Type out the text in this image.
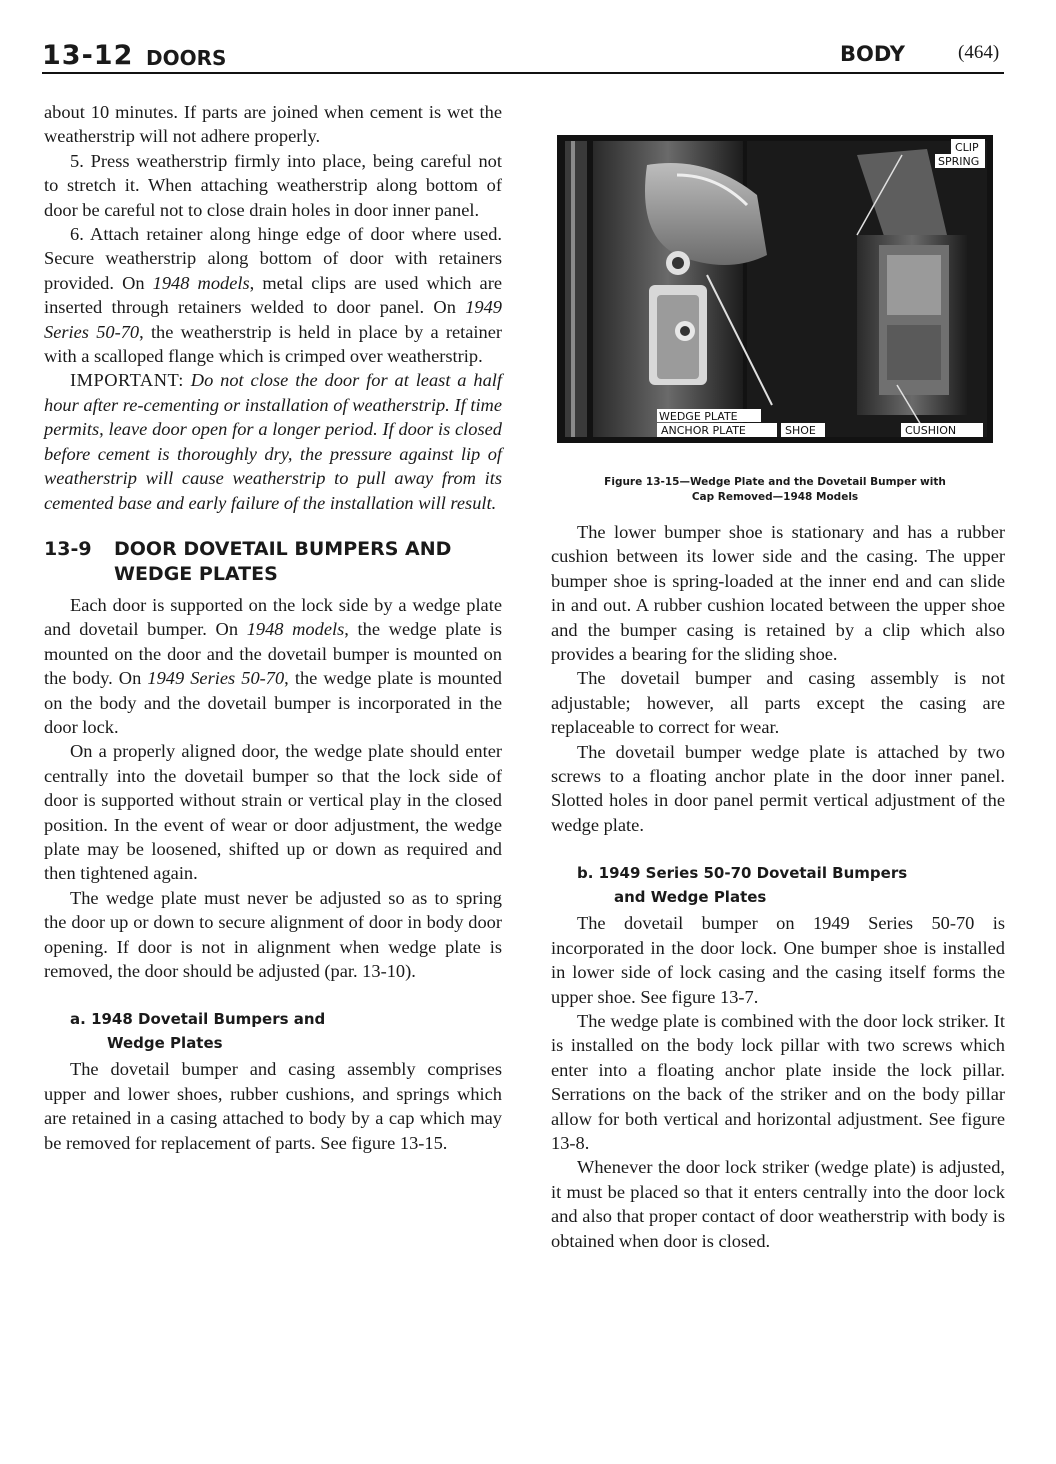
13-12 DOORS	BODY	(464)

about 10 minutes. If parts are joined when cement is wet the weatherstrip will not adhere properly.

5. Press weatherstrip firmly into place, being careful not to stretch it. When attaching weatherstrip along bottom of door be careful not to close drain holes in door inner panel.

6. Attach retainer along hinge edge of door where used. Secure weatherstrip along bottom of door with retainers provided. On 1948 models, metal clips are used which are inserted through retainers welded to door panel. On 1949 Series 50-70, the weatherstrip is held in place by a retainer with a scalloped flange which is crimped over weatherstrip.

IMPORTANT: Do not close the door for at least a half hour after re-cementing or installation of weatherstrip. If time permits, leave door open for a longer period. If door is closed before cement is thoroughly dry, the pressure against lip of weatherstrip will cause weatherstrip to pull away from its cemented base and early failure of the installation will result.

13-9 DOOR DOVETAIL BUMPERS AND
WEDGE PLATES

Each door is supported on the lock side by a wedge plate and dovetail bumper. On 1948 models, the wedge plate is mounted on the door and the dovetail bumper is mounted on the body. On 1949 Series 50-70, the wedge plate is mounted on the body and the dovetail bumper is incorporated in the door lock.

On a properly aligned door, the wedge plate should enter centrally into the dovetail bumper so that the lock side of door is supported without strain or vertical play in the closed position. In the event of wear or door adjustment, the wedge plate may be loosened, shifted up or down as required and then tightened again.

The wedge plate must never be adjusted so as to spring the door up or down to secure alignment of door in body door opening. If door is not in alignment when wedge plate is removed, the door should be adjusted (par. 13-10).

a. 1948 Dovetail Bumpers and
Wedge Plates

The dovetail bumper and casing assembly comprises upper and lower shoes, rubber cushions, and springs which are retained in a casing attached to body by a cap which may be removed for replacement of parts. See figure 13-15.

CLIP
SPRING
WEDGE PLATE
ANCHOR PLATE	SHOE	CUSHION
Figure 13-15—Wedge Plate and the Dovetail Bumper with
Cap Removed—1948 Models

The lower bumper shoe is stationary and has a rubber cushion between its lower side and the casing. The upper bumper shoe is spring-loaded at the inner end and can slide in and out. A rubber cushion located between the upper shoe and the bumper casing is retained by a clip which also provides a bearing for the sliding shoe.

The dovetail bumper and casing assembly is not adjustable; however, all parts except the casing are replaceable to correct for wear.

The dovetail bumper wedge plate is attached by two screws to a floating anchor plate in the door inner panel. Slotted holes in door panel permit vertical adjustment of the wedge plate.

b. 1949 Series 50-70 Dovetail Bumpers
and Wedge Plates

The dovetail bumper on 1949 Series 50-70 is incorporated in the door lock. One bumper shoe is installed in lower side of lock casing and the casing itself forms the upper shoe. See figure 13-7.

The wedge plate is combined with the door lock striker. It is installed on the body lock pillar with two screws which enter into a floating anchor plate inside the lock pillar. Serrations on the back of the striker and on the body pillar allow for both vertical and horizontal adjustment. See figure 13-8.

Whenever the door lock striker (wedge plate) is adjusted, it must be placed so that it enters centrally into the door lock and also that proper contact of door weatherstrip with body is obtained when door is closed.
